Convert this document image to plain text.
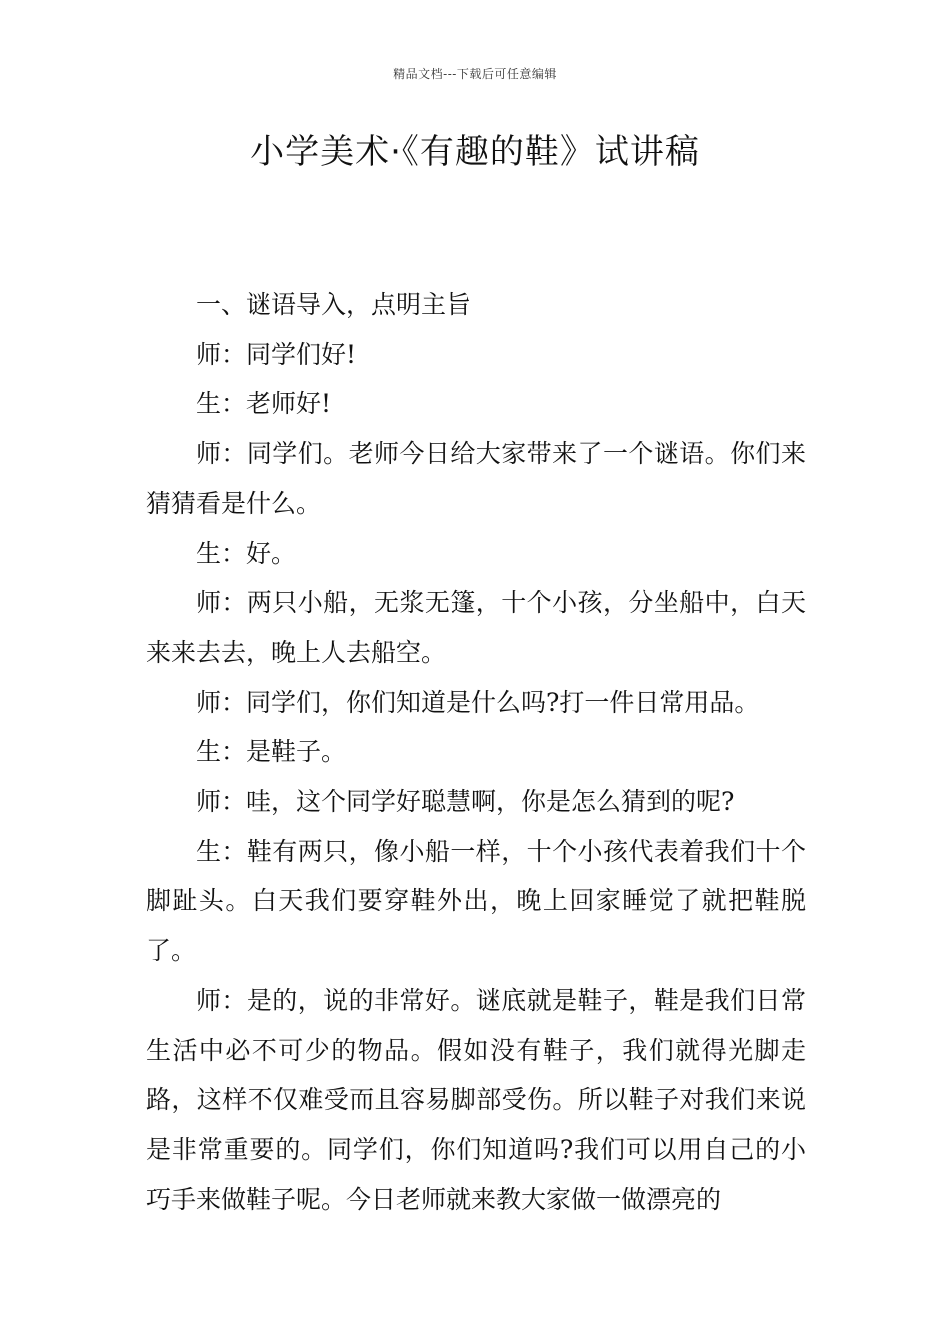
精品文档---下载后可任意编辑
小学美术·《有趣的鞋》试讲稿

一、谜语导入，点明主旨

师：同学们好!

生：老师好!

师：同学们。老师今日给大家带来了一个谜语。你们来猜猜看是什么。

生：好。

师：两只小船，无浆无篷，十个小孩，分坐船中，白天来来去去，晚上人去船空。

师：同学们，你们知道是什么吗?打一件日常用品。

生：是鞋子。

师：哇，这个同学好聪慧啊，你是怎么猜到的呢?

生：鞋有两只，像小船一样，十个小孩代表着我们十个脚趾头。白天我们要穿鞋外出，晚上回家睡觉了就把鞋脱了。

师：是的，说的非常好。谜底就是鞋子，鞋是我们日常生活中必不可少的物品。假如没有鞋子，我们就得光脚走路，这样不仅难受而且容易脚部受伤。所以鞋子对我们来说是非常重要的。同学们，你们知道吗?我们可以用自己的小巧手来做鞋子呢。今日老师就来教大家做一做漂亮的
